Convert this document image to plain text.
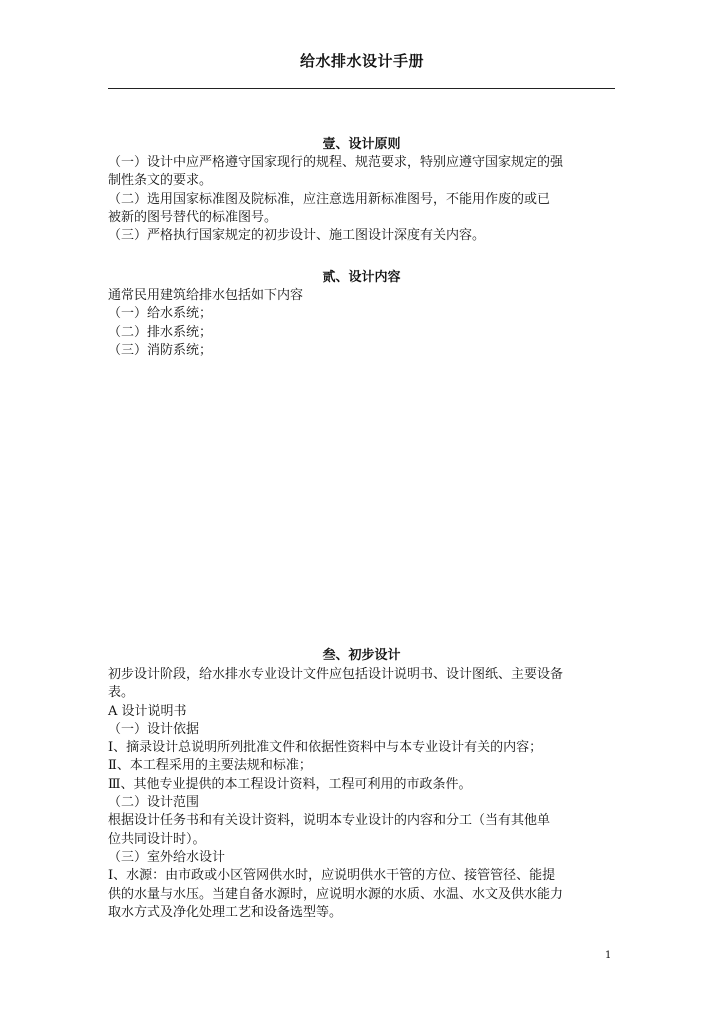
给水排水设计手册
壹、设计原则
（一）设计中应严格遵守国家现行的规程、规范要求，特别应遵守国家规定的强
制性条文的要求。
（二）选用国家标准图及院标准，应注意选用新标准图号，不能用作废的或已
被新的图号替代的标准图号。
（三）严格执行国家规定的初步设计、施工图设计深度有关内容。
贰、设计内容
通常民用建筑给排水包括如下内容
（一）给水系统；
（二）排水系统；
（三）消防系统；
叁、初步设计
初步设计阶段，给水排水专业设计文件应包括设计说明书、设计图纸、主要设备
表。
A 设计说明书
（一）设计依据
Ⅰ、摘录设计总说明所列批准文件和依据性资料中与本专业设计有关的内容；
Ⅱ、本工程采用的主要法规和标准；
Ⅲ、其他专业提供的本工程设计资料，工程可利用的市政条件。
（二）设计范围
根据设计任务书和有关设计资料，说明本专业设计的内容和分工（当有其他单
位共同设计时）。
（三）室外给水设计
Ⅰ、水源：由市政或小区管网供水时，应说明供水干管的方位、接管管径、能提
供的水量与水压。当建自备水源时，应说明水源的水质、水温、水文及供水能力
取水方式及净化处理工艺和设备选型等。
1
